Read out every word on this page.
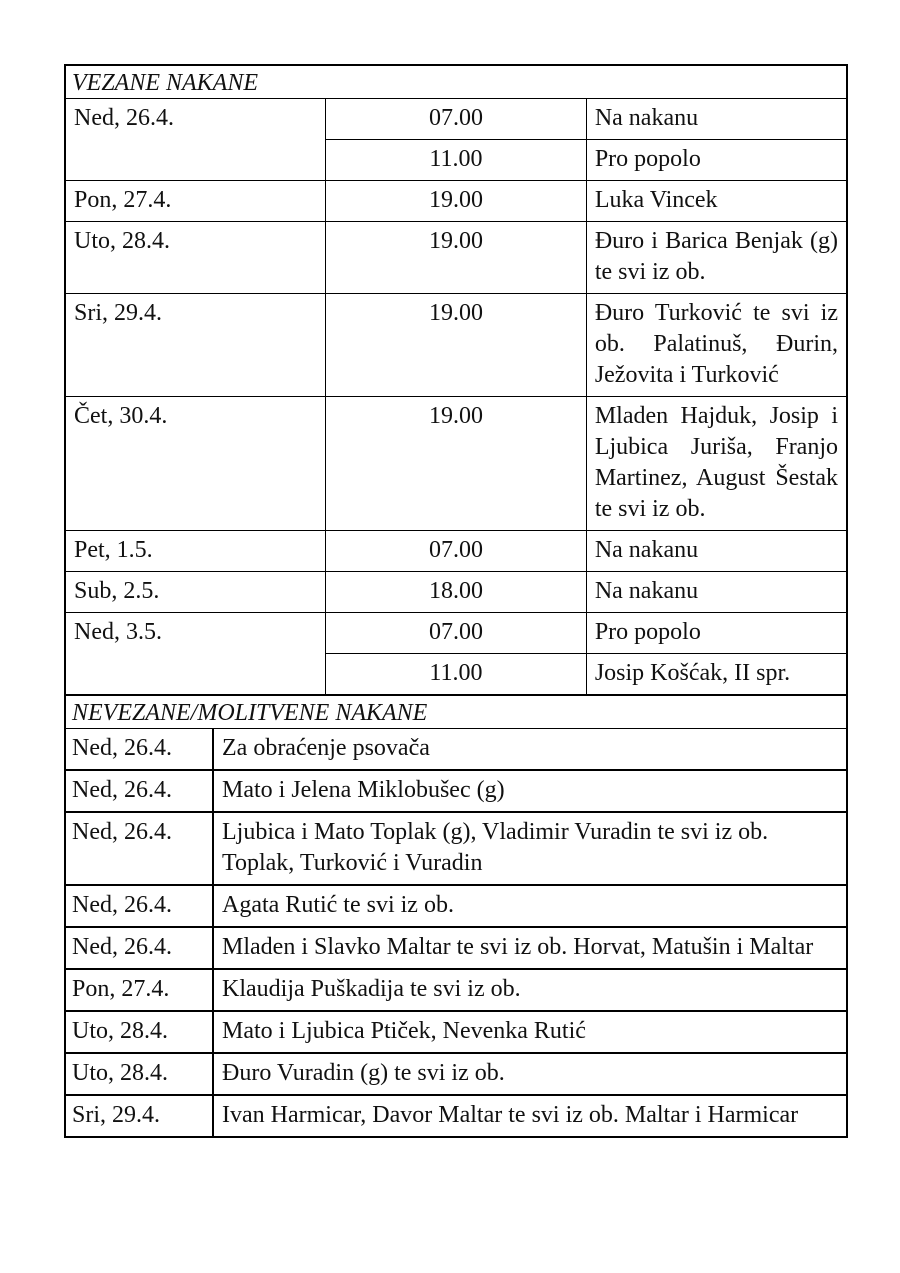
VEZANE NAKANE		
Ned, 26.4.	07.00	Na nakanu
	11.00	Pro popolo
Pon, 27.4.	19.00	Luka Vincek
Uto, 28.4.	19.00	Đuro i Barica Benjak (g) te svi iz ob.
Sri, 29.4.	19.00	Đuro Turković te svi iz ob. Palatinuš, Đurin, Ježovita i Turković
Čet, 30.4.	19.00	Mladen Hajduk, Josip i Ljubica Juriša, Franjo Martinez, August Šestak te svi iz ob.
Pet, 1.5.	07.00	Na nakanu
Sub, 2.5.	18.00	Na nakanu
Ned, 3.5.	07.00	Pro popolo
	11.00	Josip Košćak, II spr.
NEVEZANE/MOLITVENE NAKANE
Ned, 26.4.	Za obraćenje psovača
Ned, 26.4.	Mato i Jelena Miklobušec (g)
Ned, 26.4.	Ljubica i Mato Toplak (g), Vladimir Vuradin te svi iz ob. Toplak, Turković i Vuradin
Ned, 26.4.	Agata Rutić te svi iz ob.
Ned, 26.4.	Mladen i Slavko Maltar te svi iz ob. Horvat, Matušin i Maltar
Pon, 27.4.	Klaudija Puškadija te svi iz ob.
Uto, 28.4.	Mato i Ljubica Ptiček, Nevenka Rutić
Uto, 28.4.	Đuro Vuradin (g) te svi iz ob.
Sri, 29.4.	Ivan Harmicar, Davor Maltar te svi iz ob. Maltar i Harmicar
